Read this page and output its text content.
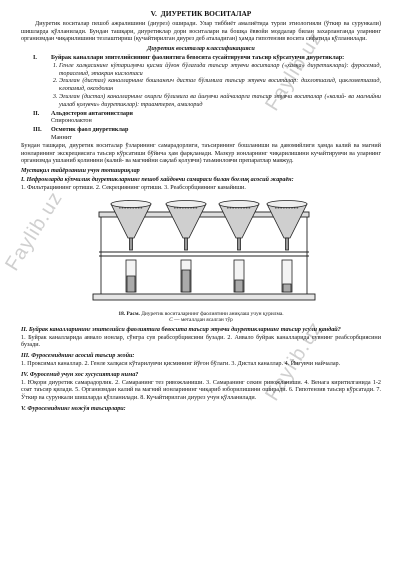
Faylib.uz
Faylib.uz
Faylib.uz
V. ДИУРЕТИК ВОСИТАЛАР

Диуретик воситалар пешоб ажралишини (диурез) оширади. Улар тиббиёт амалиётида турли этиологияли (ўткир ва сурункали) шишларда қўлланилади. Бундан ташқари, диуретиклар дори воситалари ва бошқа ёввойи моддалар билан захарланганда уларнинг организмдан чиқарилишини тезлаштириш (қучайтирилган диурез деб аталадиган) ҳамда гипотензив восита сифатида қўлланилади.

Диуретик воситалар классификацияси
I.	Буйрак каналлари эпителийсининг фаолиятига бевосита сусайтирувчи таъсир кўрсатувчи диуретиклар:
1. Генле халқасининг кўтарилувчи қисми йўғон бўлагида таъсир этувчи воситалар («халқа» диуретиклари): фуросемид, торасемид, этакрин кислотаси
2. Эгилган (дистал) каналларнинг бошланғич дистал бўлимига таъсир этувчи воситалар: дихлотиазид, циклометиазид, клопамид, оксодолин
3. Эгилган (дистал) каналларнинг охирги бўлимига ва йиғувчи найчаларга таъсир этувчи воситалар («калий- ва магнийни ушлаб қолувчи» диуретиклар): триамтерен, амилорид
II.	Альдостерон антагонистлари
Спиронолактон
III.	Осмотик фаол диуретиклар
Маннит

Бундан ташқари, диуретик воситалар ўзларининг самарадорлиги, таъсирининг бошланиши ва давомийлиги ҳамда калий ва магний ионларининг экскрециясига таъсир кўрсатиши бўйича ҳам фарқланади. Мазкур ионларнинг чиқарилишини кучайтирувчи ва уларнинг организмда ушланиб қолинини (калий- ва магнийни сақлаб қолувчи) таъминловчи препаратлар мавжуд.

Мустақил тайёрланиш учун топшириқлар
I. Нефронларда кўпчилик диуретикларнинг пешоб хайдовчи самараси билан боғлиқ асосий жараён:

1. Фильтрациянинг ортиши. 2. Секрециянинг ортиши. 3. Реабсорбциянинг камайиши.

18. Расм. Диуретик воситаларнинг фаолиятини аниқлаш учун қурилма.
С — металлдан ясалган тўр
II. Буйрак каналларининг эпителийси фаолиятига бевосита таъсир этувчи диуретикларнинг таъсир усули қандай?

1. Буйрак каналларида аввало ионлар, сўнгра сув реабсорбциясини бузади. 2. Аввало буйрак каналларида сувнинг реабсорбциясини бузади.

III. Фуросемиднинг асосий таъсир жойи:

1. Проксимал каналлар. 2. Генле халқаси кўтарилувчи қисмининг йўғон бўлаги. 3. Дистал каналлар. 4. Йиғувчи найчалар.

IV. Фуросемид учун хос хусусиятлар нима?

1. Юқори диуретик самарадорлик. 2. Самаранинг тез ривожланиши. 3. Самаранинг секин ривожланиши. 4. Венага киритилганида 1-2 соат таъсир қилади. 5. Организмдан калий ва магний ионларининг чиқариб юборилишини оширади. 6. Гипотензив таъсир кўрсатади. 7. Ўткир ва сурункали шишларда қўлланилади. 8. Кучайтирилган диурез учун қўлланилади.

V. Фуросемиднинг ножўя таъсирлари:
